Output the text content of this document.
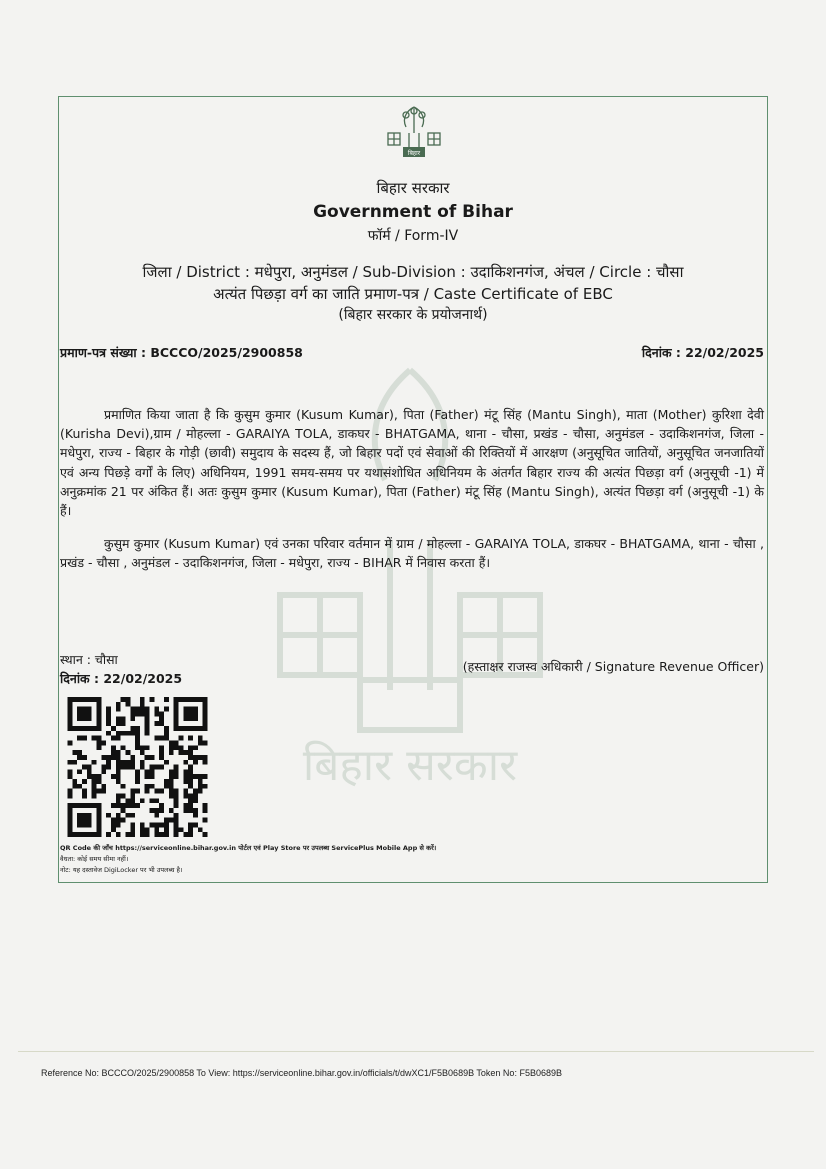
बिहार सरकार
बिहार
बिहार सरकार
Government of Bihar
फॉर्म / Form-IV
जिला / District : मधेपुरा, अनुमंडल / Sub-Division : उदाकिशनगंज, अंचल / Circle : चौसा
अत्यंत पिछड़ा वर्ग का जाति प्रमाण-पत्र / Caste Certificate of EBC
(बिहार सरकार के प्रयोजनार्थ)
प्रमाण-पत्र संख्या : BCCCO/2025/2900858	दिनांक : 22/02/2025
प्रमाणित किया जाता है कि कुसुम कुमार (Kusum Kumar), पिता (Father) मंटू सिंह (Mantu Singh), माता (Mother) कुरिशा देवी (Kurisha Devi),ग्राम / मोहल्ला - GARAIYA TOLA, डाकघर - BHATGAMA, थाना - चौसा, प्रखंड - चौसा, अनुमंडल - उदाकिशनगंज, जिला - मधेपुरा, राज्य - बिहार के गोड़ी (छावी) समुदाय के सदस्य हैं, जो बिहार पदों एवं सेवाओं की रिक्तियों में आरक्षण (अनुसूचित जातियों, अनुसूचित जनजातियों एवं अन्य पिछड़े वर्गों के लिए) अधिनियम, 1991 समय-समय पर यथासंशोधित अधिनियम के अंतर्गत बिहार राज्य की अत्यंत पिछड़ा वर्ग (अनुसूची -1) में अनुक्रमांक 21 पर अंकित हैं। अतः कुसुम कुमार (Kusum Kumar), पिता (Father) मंटू सिंह (Mantu Singh), अत्यंत पिछड़ा वर्ग (अनुसूची -1) के हैं।
कुसुम कुमार (Kusum Kumar) एवं उनका परिवार वर्तमान में ग्राम / मोहल्ला - GARAIYA TOLA, डाकघर - BHATGAMA, थाना - चौसा , प्रखंड - चौसा , अनुमंडल - उदाकिशनगंज, जिला - मधेपुरा, राज्य - BIHAR में निवास करता हैं।
स्थान : चौसा
दिनांक : 22/02/2025
(हस्ताक्षर राजस्व अधिकारी / Signature Revenue Officer)
QR Code की जाँच https://serviceonline.bihar.gov.in पोर्टल एवं Play Store पर उपलब्ध ServicePlus Mobile App से करें।
वैधता: कोई समय सीमा नहीं।
नोट: यह दस्तावेज DigiLocker पर भी उपलब्ध है।
Reference No: BCCCO/2025/2900858 To View: https://serviceonline.bihar.gov.in/officials/t/dwXC1/F5B0689B Token No: F5B0689B
